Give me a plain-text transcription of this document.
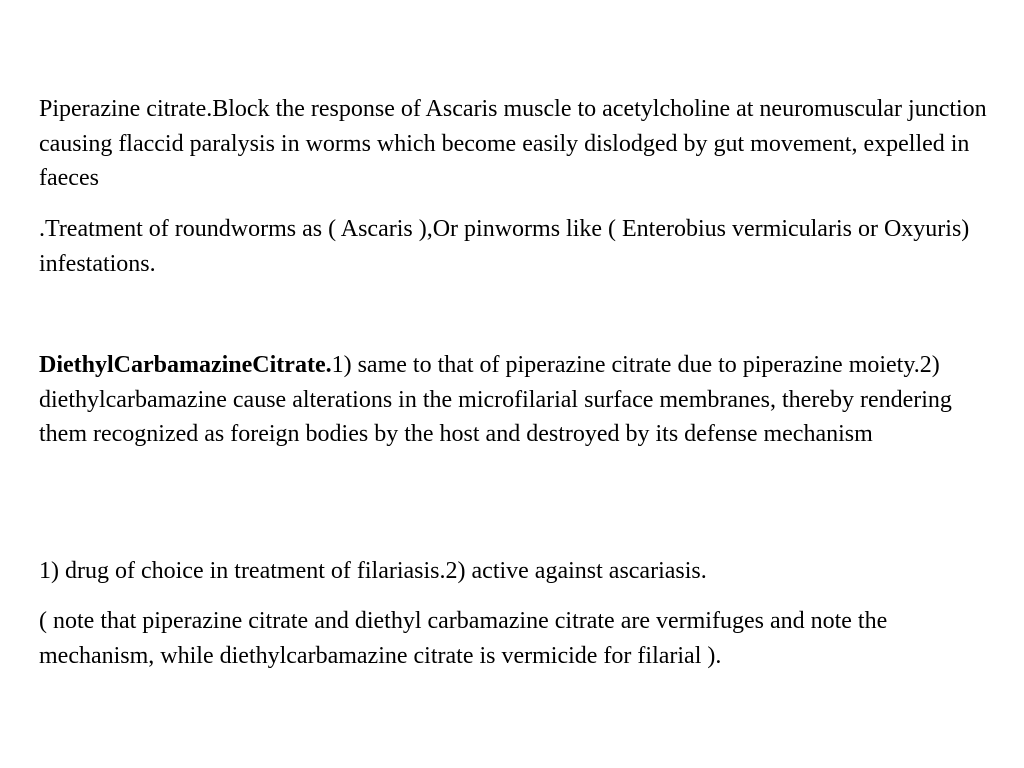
Piperazine citrate.Block the response of Ascaris muscle to acetylcholine at neuromuscular junction causing flaccid paralysis in worms which become easily dislodged by gut movement, expelled in faeces

.Treatment of roundworms as ( Ascaris ),Or pinworms like ( Enterobius vermicularis or Oxyuris) infestations.

DiethylCarbamazineCitrate.1) same to that of piperazine citrate due to piperazine moiety.2) diethylcarbamazine cause alterations in the microfilarial surface membranes, thereby rendering them recognized as foreign bodies by the host and destroyed by its defense mechanism

1) drug of choice in treatment of filariasis.2) active against ascariasis.

( note that piperazine citrate and diethyl carbamazine citrate are vermifuges and note the mechanism, while diethylcarbamazine citrate is vermicide for filarial ).
